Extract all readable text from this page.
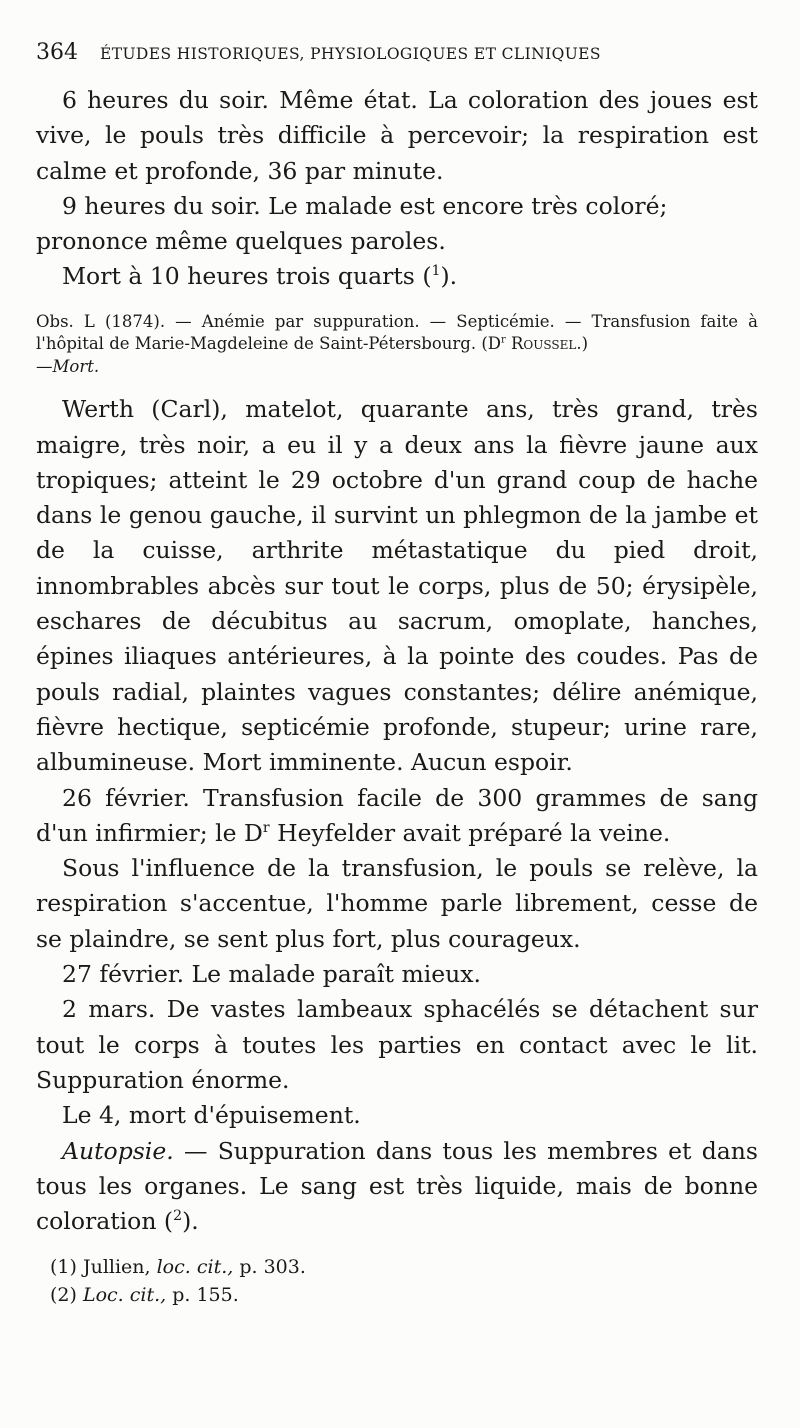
364 ÉTUDES HISTORIQUES, PHYSIOLOGIQUES ET CLINIQUES

6 heures du soir. Même état. La coloration des joues est vive, le pouls très difficile à percevoir; la respiration est calme et profonde, 36 par minute.

9 heures du soir. Le malade est encore très coloré;

prononce même quelques paroles.

Mort à 10 heures trois quarts ($^1$).

Obs. L (1874). — Anémie par suppuration. — Septicémie. — Transfusion faite à l'hôpital de Marie-Magdeleine de Saint-Pétersbourg. ($D^r$ Roussel.)
—Mort.

Werth (Carl), matelot, quarante ans, très grand, très maigre, très noir, a eu il y a deux ans la fièvre jaune aux tropiques; atteint le 29 octobre d'un grand coup de hache dans le genou gauche, il survint un phlegmon de la jambe et de la cuisse, arthrite métastatique du pied droit, innombrables abcès sur tout le corps, plus de 50; érysipèle, eschares de décubitus au sacrum, omoplate, hanches, épines iliaques antérieures, à la pointe des coudes. Pas de pouls radial, plaintes vagues constantes; délire anémique, fièvre hectique, septicémie profonde, stupeur; urine rare, albumineuse. Mort imminente. Aucun espoir.

26 février. Transfusion facile de 300 grammes de sang d'un infirmier; le $D^r$ Heyfelder avait préparé la veine.

Sous l'influence de la transfusion, le pouls se relève, la respiration s'accentue, l'homme parle librement, cesse de se plaindre, se sent plus fort, plus courageux.

27 février. Le malade paraît mieux.

2 mars. De vastes lambeaux sphacélés se détachent sur tout le corps à toutes les parties en contact avec le lit. Suppuration énorme.

Le 4, mort d'épuisement.

Autopsie. — Suppuration dans tous les membres et dans tous les organes. Le sang est très liquide, mais de bonne coloration ($^2$).

(1) Jullien, loc. cit., p. 303.

(2) Loc. cit., p. 155.
